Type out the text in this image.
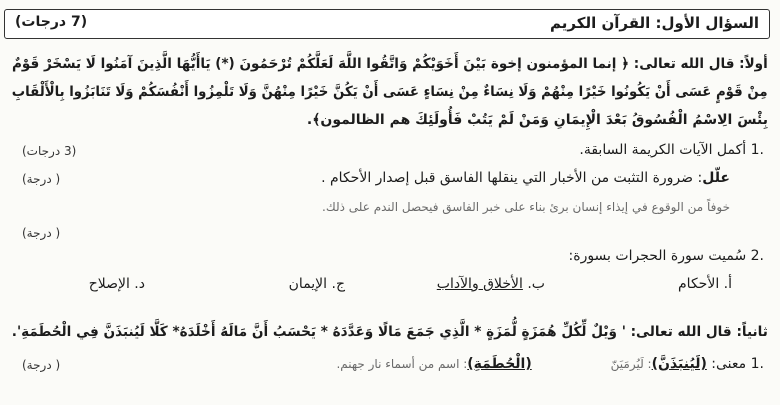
السؤال الأول: القرآن الكريم
(7 درجات)
أولاً: قال الله تعالى: ﴿ إنما المؤمنون إخوة بَيْنَ أَخَوَيْكُمْ وَاتَّقُوا اللَّهَ لَعَلَّكُمْ تُرْحَمُونَ (*) يَاأَيُّهَا الَّذِينَ آمَنُوا لَا يَسْخَرْ قَوْمٌ
مِنْ قَوْمٍ عَسَى أَنْ يَكُونُوا خَيْرًا مِنْهُمْ وَلَا نِسَاءٌ مِنْ نِسَاءٍ عَسَى أَنْ يَكُنَّ خَيْرًا مِنْهُنَّ وَلَا تَلْمِزُوا أَنْفُسَكُمْ وَلَا تَنَابَزُوا بِالْأَلْقَابِ
بِئْسَ الِاسْمُ الْفُسُوقُ بَعْدَ الْإِيمَانِ وَمَنْ لَمْ يَتُبْ فَأُولَئِكَ هم الظالمون﴾.
.1 أكمل الآيات الكريمة السابقة.
(3 درجات)
علّل: ضرورة التثبت من الأخبار التي ينقلها الفاسق قبل إصدار الأحكام .
( درجة)
خوفاً من الوقوع في إيذاء إنسان برئ بناء على خبر الفاسق فيحصل الندم على ذلك.
( درجة)
.2 سُميت سورة الحجرات بسورة:
أ. الأحكام
ب. الأخلاق والآداب
ج. الإيمان
د. الإصلاح
ثانياً: قال الله تعالى: ' وَيْلٌ لِّكُلِّ هُمَزَةٍ لُّمَزَةٍ * الَّذِي جَمَعَ مَالًا وَعَدَّدَهُ * يَحْسَبُ أَنَّ مَالَهُ أَخْلَدَهُ* كَلَّا لَيُنبَذَنَّ فِي الْحُطَمَةِ'.
.1 معنى: (لَيُنبَذَنَّ): لَيُرمَيَنّ  (الْحُطَمَةِ): اسم من أسماء نار جهنم.
( درجة)
